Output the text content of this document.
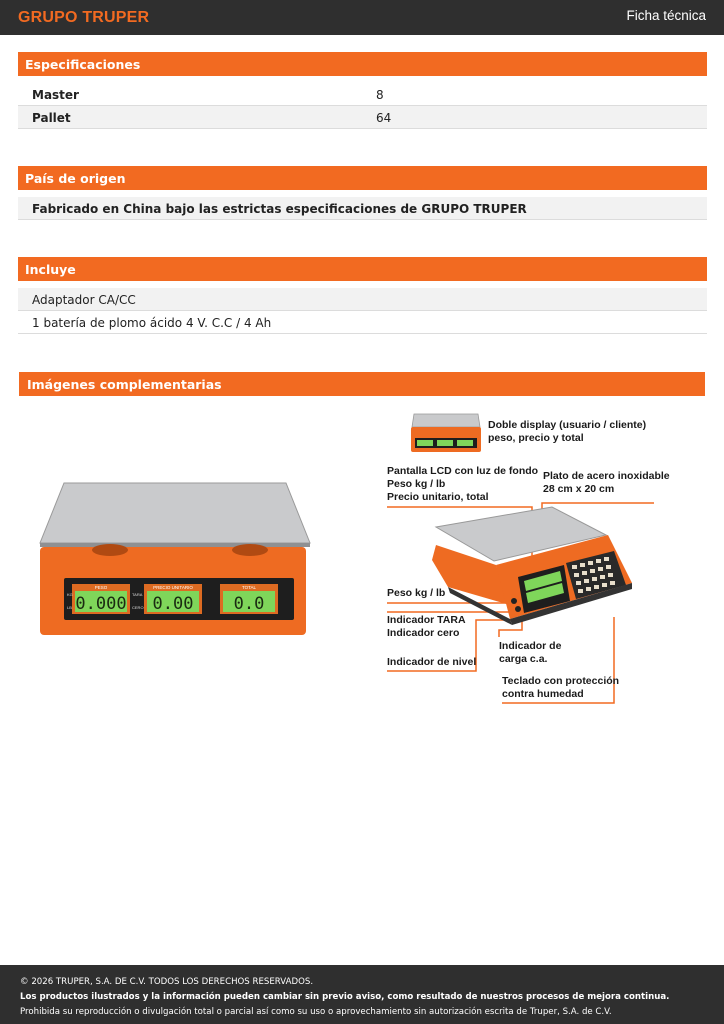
GRUPO TRUPER	Ficha técnica
Especificaciones
Master	8
Pallet	64
País de origen
Fabricado en China bajo las estrictas especificaciones de GRUPO TRUPER
Incluye
Adaptador CA/CC
1 batería de plomo ácido 4 V. C.C / 4 Ah
Imágenes complementarias
PESO	PRECIO UNITARIO	TOTAL
0.000 0.00 0.0
KG
LB
TARA
CERO
Doble display (usuario / cliente)
peso, precio y total
Pantalla LCD con luz de fondo
Peso kg / lb
Precio unitario, total
Plato de acero inoxidable
28 cm x 20 cm
Peso kg / lb
Indicador TARA
Indicador cero
Indicador de nivel
Indicador de
carga c.a.
Teclado con protección
contra humedad
© 2026 TRUPER, S.A. DE C.V. TODOS LOS DERECHOS RESERVADOS.
Los productos ilustrados y la información pueden cambiar sin previo aviso, como resultado de nuestros procesos de mejora continua.
Prohibida su reproducción o divulgación total o parcial así como su uso o aprovechamiento sin autorización escrita de Truper, S.A. de C.V.
